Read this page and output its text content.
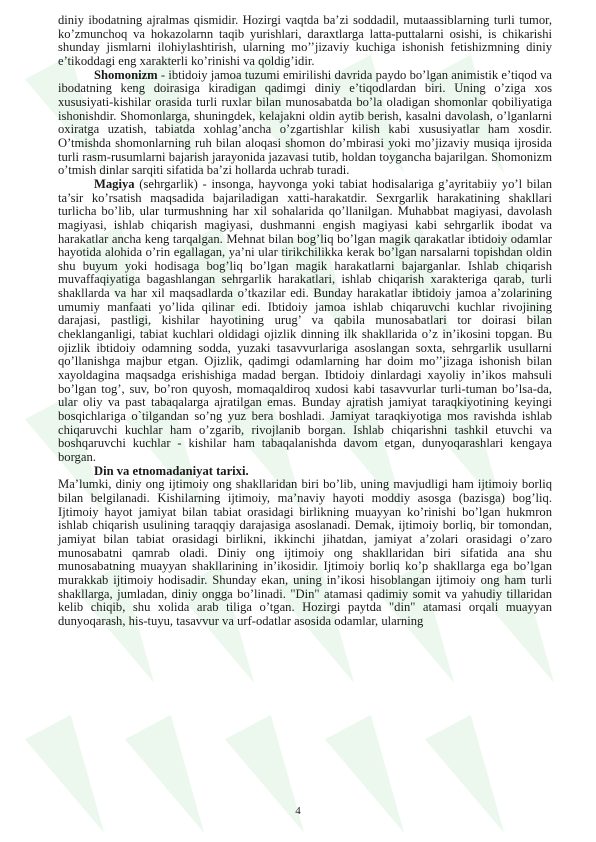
diniy ibodatning ajralmas qismidir. Hozirgi vaqtda ba’zi soddadil, mutaassiblarning turli tumor, ko’zmunchoq va hokazolarnn taqib yurishlari, daraxtlarga latta-puttalarni osishi, is chikarishi shunday jismlarni ilohiylashtirish, ularning mo’’jizaviy kuchiga ishonish fetishizmning diniy e’tikoddagi eng xarakterli ko’rinishi va qoldig’idir.

Shomonizm - ibtidoiy jamoa tuzumi emirilishi davrida paydo bo’lgan animistik e’tiqod va ibodatning keng doirasiga kiradigan qadimgi diniy e’tiqodlardan biri. Uning o’ziga xos xususiyati-kishilar orasida turli ruxlar bilan munosabatda bo’la oladigan shomonlar qobiliyatiga ishonishdir. Shomonlarga, shuningdek, kelajakni oldin aytib berish, kasalni davolash, o’lganlarni oxiratga uzatish, tabiatda xohlag’ancha o’zgartishlar kilish kabi xususiyatlar ham xosdir. O’tmishda shomonlarning ruh bilan aloqasi shomon do’mbirasi yoki mo’jizaviy musiqa ijrosida turli rasm-rusumlarni bajarish jarayonida jazavasi tutib, holdan toygancha bajarilgan. Shomonizm o’tmish dinlar sarqiti sifatida ba’zi hollarda uchrab turadi.

Magiya (sehrgarlik) - insonga, hayvonga yoki tabiat hodisalariga g’ayritabiiy yo’l bilan ta’sir ko’rsatish maqsadida bajariladigan xatti-harakatdir. Sexrgarlik harakatining shakllari turlicha bo’lib, ular turmushning har xil sohalarida qo’llanilgan. Muhabbat magiyasi, davolash magiyasi, ishlab chiqarish magiyasi, dushmanni engish magiyasi kabi sehrgarlik ibodat va harakatlar ancha keng tarqalgan. Mehnat bilan bog’liq bo’lgan magik qarakatlar ibtidoiy odamlar hayotida alohida o’rin egallagan, ya’ni ular tirikchilikka kerak bo’lgan narsalarni topishdan oldin shu buyum yoki hodisaga bog’liq bo’lgan magik harakatlarni bajarganlar. Ishlab chiqarish muvaffaqiyatiga bagashlangan sehrgarlik harakatlari, ishlab chiqarish xarakteriga qarab, turli shakllarda va har xil maqsadlarda o’tkazilar edi. Bunday harakatlar ibtidoiy jamoa a’zolarining umumiy manfaati yo’lida qilinar edi. Ibtidoiy jamoa ishlab chiqaruvchi kuchlar rivojining darajasi, pastligi, kishilar hayotining urug’ va qabila munosabatlari tor doirasi bilan cheklanganligi, tabiat kuchlari oldidagi ojizlik dinning ilk shakllarida o’z in’ikosini topgan. Bu ojizlik ibtidoiy odamning sodda, yuzaki tasavvurlariga asoslangan soxta, sehrgarlik usullarni qo’llanishga majbur etgan. Ojizlik, qadimgi odamlarning har doim mo’’jizaga ishonish bilan xayoldagina maqsadga erishishiga madad bergan. Ibtidoiy dinlardagi xayoliy in’ikos mahsuli bo’lgan tog’, suv, bo’ron quyosh, momaqaldiroq xudosi kabi tasavvurlar turli-tuman bo’lsa-da, ular oliy va past tabaqalarga ajratilgan emas. Bunday ajratish jamiyat taraqkiyotining keyingi bosqichlariga o`tilgandan so’ng yuz bera boshladi. Jamiyat taraqkiyotiga mos ravishda ishlab chiqaruvchi kuchlar ham o’zgarib, rivojlanib borgan. Ishlab chiqarishni tashkil etuvchi va boshqaruvchi kuchlar - kishilar ham tabaqalanishda davom etgan, dunyoqarashlari kengaya borgan.

Din va etnomadaniyat tarixi.

Ma’lumki, diniy ong ijtimoiy ong shakllaridan biri bo’lib, uning mavjudligi ham ijtimoiy borliq bilan belgilanadi. Kishilarning ijtimoiy, ma’naviy hayoti moddiy asosga (bazisga) bog’liq. Ijtimoiy hayot jamiyat bilan tabiat orasidagi birlikning muayyan ko’rinishi bo’lgan hukmron ishlab chiqarish usulining taraqqiy darajasiga asoslanadi. Demak, ijtimoiy borliq, bir tomondan, jamiyat bilan tabiat orasidagi birlikni, ikkinchi jihatdan, jamiyat a’zolari orasidagi o’zaro munosabatni qamrab oladi. Diniy ong ijtimoiy ong shakllaridan biri sifatida ana shu munosabatning muayyan shakllarining in’ikosidir. Ijtimoiy borliq ko’p shakllarga ega bo’lgan murakkab ijtimoiy hodisadir. Shunday ekan, uning in’ikosi hisoblangan ijtimoiy ong ham turli shakllarga, jumladan, diniy ongga bo’linadi. "Din" atamasi qadimiy somit va yahudiy tillaridan kelib chiqib, shu xolida arab tiliga o’tgan. Hozirgi paytda "din" atamasi orqali muayyan dunyoqarash, his-tuyu, tasavvur va urf-odatlar asosida odamlar, ularning

4
